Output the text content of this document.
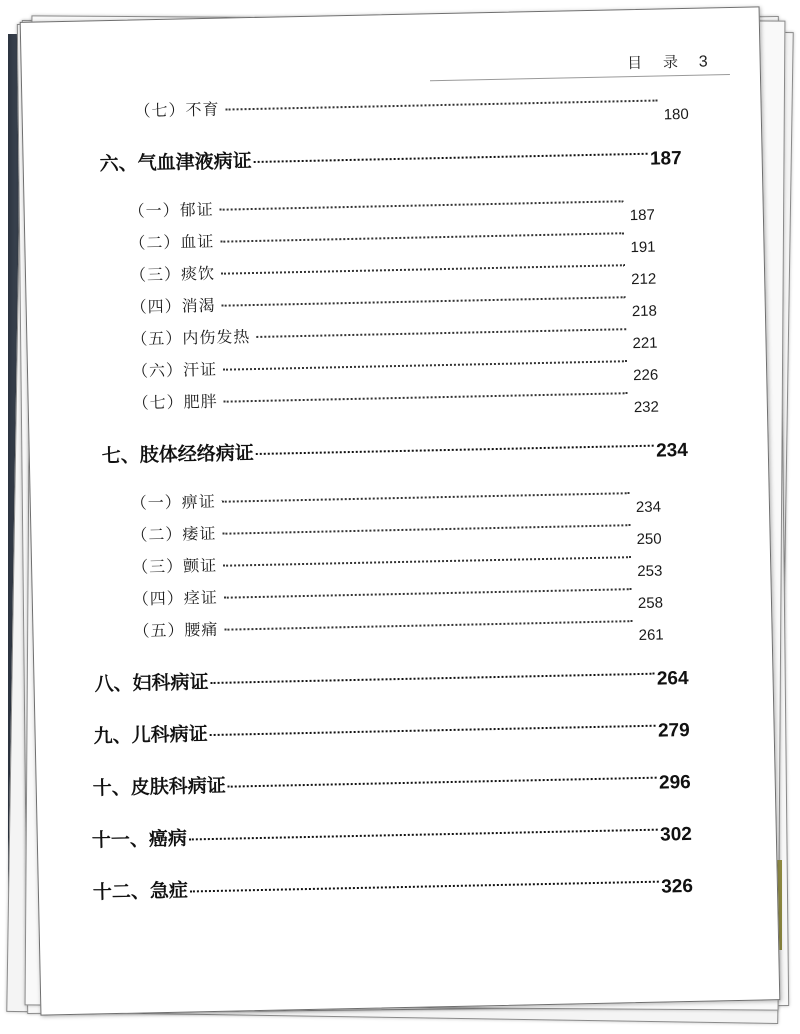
目 录 3
（七）不育	180
六、气血津液病证	187
（一）郁证	187
（二）血证	191
（三）痰饮	212
（四）消渴	218
（五）内伤发热	221
（六）汗证	226
（七）肥胖	232
七、肢体经络病证	234
（一）痹证	234
（二）痿证	250
（三）颤证	253
（四）痉证	258
（五）腰痛	261
八、妇科病证	264
九、儿科病证	279
十、皮肤科病证	296
十一、癌病	302
十二、急症	326
